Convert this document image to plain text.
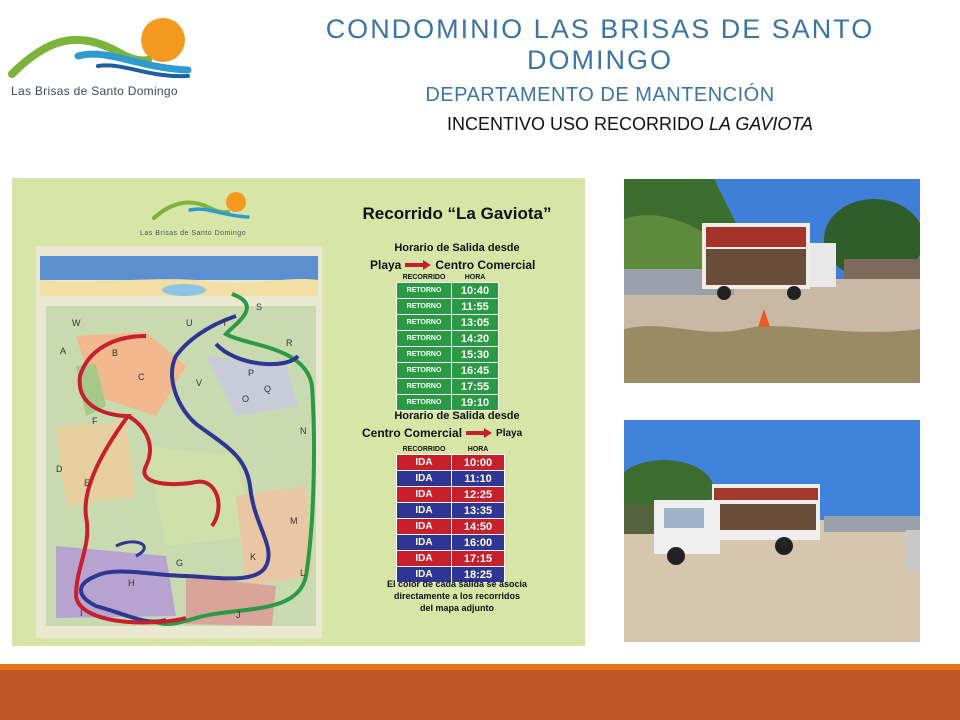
Las Brisas de Santo Domingo
CONDOMINIO LAS BRISAS DE SANTO DOMINGO
DEPARTAMENTO DE MANTENCIÓN
INCENTIVO USO RECORRIDO LA GAVIOTA
Las Brisas de Santo Domingo
W	U	T
S
R
A	B
C
V
P
Q
O
N
F
G
K
M
H
L
I	J
E
D
Recorrido “La Gaviota”
Horario de Salida desde
Playa	Centro Comercial
RECORRIDO	HORA
RETORNO	10:40
RETORNO	11:55
RETORNO	13:05
RETORNO	14:20
RETORNO	15:30
RETORNO	16:45
RETORNO	17:55
RETORNO	19:10
Horario de Salida desde
Centro Comercial	Playa
RECORRIDO	HORA
IDA	10:00
IDA	11:10
IDA	12:25
IDA	13:35
IDA	14:50
IDA	16:00
IDA	17:15
IDA	18:25
El color de cada salida se asocia
directamente a los recorridos
del mapa adjunto
